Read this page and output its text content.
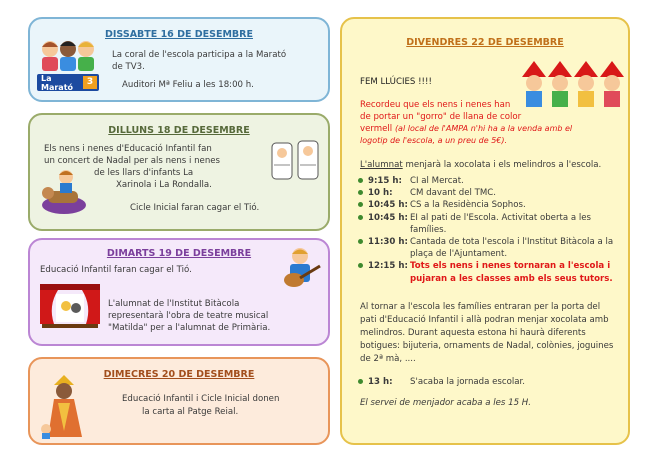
DISSABTE 16 DE DESEMBRE
La Marató	3
La coral de l'escola participa a la Marató
de TV3.
Auditori Mª Feliu a les 18:00 h.
DILLUNS 18 DE DESEMBRE
Els nens i nenes d'Educació Infantil fan
un concert de Nadal per als nens i nenes
de les llars d'infants La
Xarinola i La Rondalla.
Cicle Inicial faran cagar el Tió.
DIMARTS 19 DE DESEMBRE
Educació Infantil faran cagar el Tió.
L'alumnat de l'Institut Bitàcola
representarà l'obra de teatre musical
"Matilda" per a l'alumnat de Primària.
DIMECRES 20 DE DESEMBRE
Educació Infantil i Cicle Inicial donen
la carta al Patge Reial.
DIVENDRES 22 DE DESEMBRE
FEM LLÚCIES !!!!
Recordeu que els nens i nenes han
de portar un "gorro" de llana de color
vermell (al local de l'AMPA n'hi ha a la venda amb el
logotip de l'escola, a un preu de 5€).
L'alumnat menjarà la xocolata i els melindros a l'escola.
9:15 h: CI al Mercat.
10 h:	CM davant del TMC.
10:45 h: CS a la Residència Sophos.
10:45 h: EI al pati de l'Escola. Activitat oberta a les famílies.
11:30 h: Cantada de tota l'escola i l'Institut Bitàcola a la plaça de l'Ajuntament.
12:15 h: Tots els nens i nenes tornaran a l'escola i pujaran a les classes amb els seus tutors.
Al tornar a l'escola les famílies entraran per la porta del pati d'Educació Infantil i allà podran menjar xocolata amb melindros. Durant aquesta estona hi haurà diferents botigues: bijuteria, ornaments de Nadal, colònies, joguines de 2ª mà, ....
13 h:	S'acaba la jornada escolar.
El servei de menjador acaba a les 15 H.
